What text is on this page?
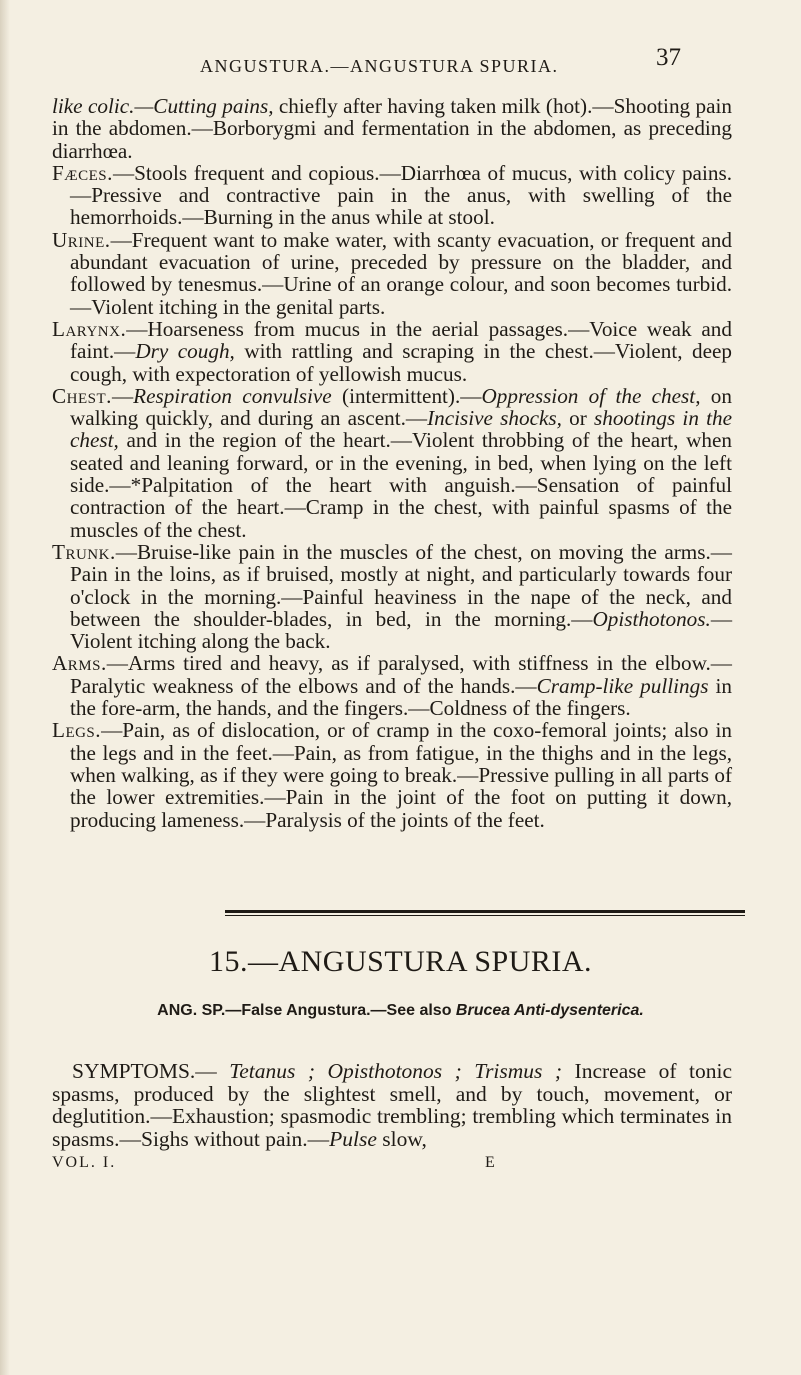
ANGUSTURA.—ANGUSTURA SPURIA.	37

like colic.—Cutting pains, chiefly after having taken milk (hot).—Shooting pain in the abdomen.—Borborygmi and fermentation in the abdomen, as preceding diarrhœa.

Fæces.—Stools frequent and copious.—Diarrhœa of mucus, with colicy pains.—Pressive and contractive pain in the anus, with swelling of the hemorrhoids.—Burning in the anus while at stool.

Urine.—Frequent want to make water, with scanty evacuation, or frequent and abundant evacuation of urine, preceded by pressure on the bladder, and followed by tenesmus.—Urine of an orange colour, and soon becomes turbid.—Violent itching in the genital parts.

Larynx.—Hoarseness from mucus in the aerial passages.—Voice weak and faint.—Dry cough, with rattling and scraping in the chest.—Violent, deep cough, with expectoration of yellowish mucus.

Chest.—Respiration convulsive (intermittent).—Oppression of the chest, on walking quickly, and during an ascent.—Incisive shocks, or shootings in the chest, and in the region of the heart.—Violent throbbing of the heart, when seated and leaning forward, or in the evening, in bed, when lying on the left side.—*Palpitation of the heart with anguish.—Sensation of painful contraction of the heart.—Cramp in the chest, with painful spasms of the muscles of the chest.

Trunk.—Bruise-like pain in the muscles of the chest, on moving the arms.—Pain in the loins, as if bruised, mostly at night, and particularly towards four o'clock in the morning.—Painful heaviness in the nape of the neck, and between the shoulder-blades, in bed, in the morning.—Opisthotonos.—Violent itching along the back.

Arms.—Arms tired and heavy, as if paralysed, with stiffness in the elbow.—Paralytic weakness of the elbows and of the hands.—Cramp-like pullings in the fore-arm, the hands, and the fingers.—Coldness of the fingers.

Legs.—Pain, as of dislocation, or of cramp in the coxo-femoral joints; also in the legs and in the feet.—Pain, as from fatigue, in the thighs and in the legs, when walking, as if they were going to break.—Pressive pulling in all parts of the lower extremities.—Pain in the joint of the foot on putting it down, producing lameness.—Paralysis of the joints of the feet.

15.—ANGUSTURA SPURIA.
ANG. SP.—False Angustura.—See also Brucea Anti-dysenterica.

SYMPTOMS.— Tetanus ; Opisthotonos ; Trismus ; Increase of tonic spasms, produced by the slightest smell, and by touch, movement, or deglutition.—Exhaustion; spasmodic trembling; trembling which terminates in spasms.—Sighs without pain.—Pulse slow,

VOL. I.	E
